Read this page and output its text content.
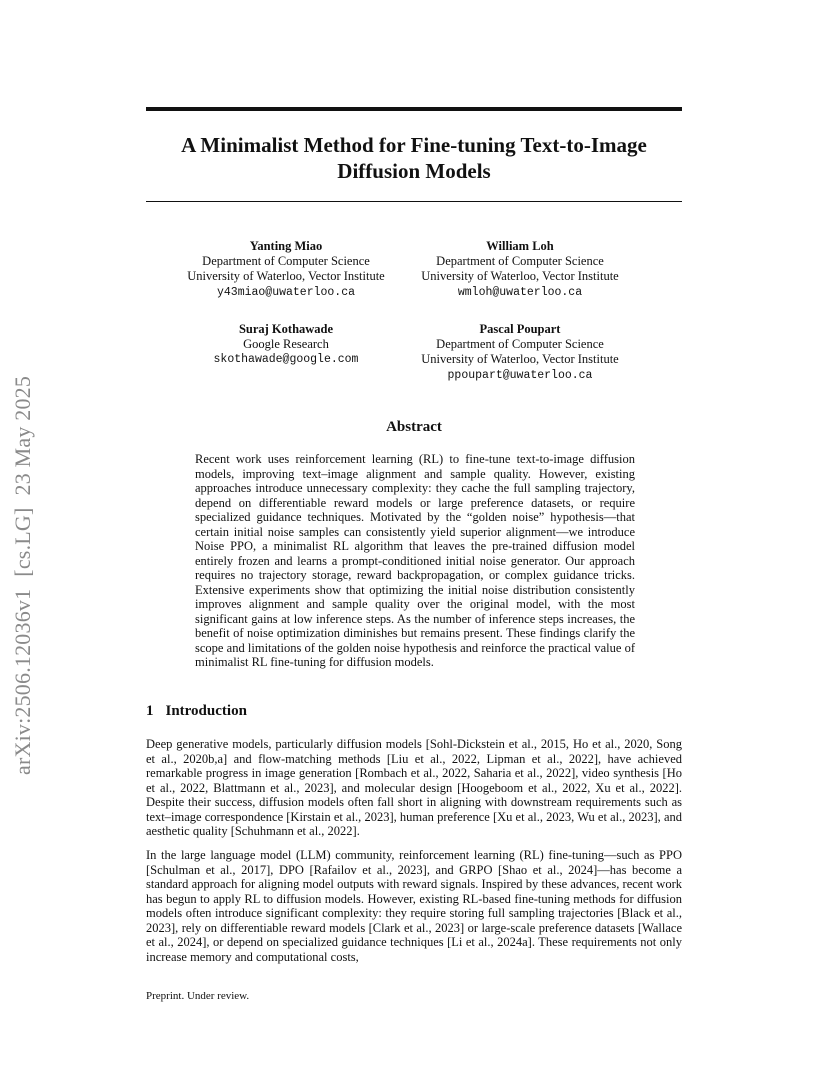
arXiv:2506.12036v1[cs.LG]23 May 2025
A Minimalist Method for Fine-tuning Text-to-Image
Diffusion Models
Yanting Miao
Department of Computer Science
University of Waterloo, Vector Institute
y43miao@uwaterloo.ca
William Loh
Department of Computer Science
University of Waterloo, Vector Institute
wmloh@uwaterloo.ca
Suraj Kothawade
Google Research
skothawade@google.com
Pascal Poupart
Department of Computer Science
University of Waterloo, Vector Institute
ppoupart@uwaterloo.ca
Abstract
Recent work uses reinforcement learning (RL) to fine-tune text-to-image diffusion models, improving text–image alignment and sample quality. However, existing approaches introduce unnecessary complexity: they cache the full sampling trajectory, depend on differentiable reward models or large preference datasets, or require specialized guidance techniques. Motivated by the “golden noise” hypothesis—that certain initial noise samples can consistently yield superior alignment—we introduce Noise PPO, a minimalist RL algorithm that leaves the pre-trained diffusion model entirely frozen and learns a prompt-conditioned initial noise generator. Our approach requires no trajectory storage, reward backpropagation, or complex guidance tricks. Extensive experiments show that optimizing the initial noise distribution consistently improves alignment and sample quality over the original model, with the most significant gains at low inference steps. As the number of inference steps increases, the benefit of noise optimization diminishes but remains present. These findings clarify the scope and limitations of the golden noise hypothesis and reinforce the practical value of minimalist RL fine-tuning for diffusion models.
1 Introduction
Deep generative models, particularly diffusion models [Sohl-Dickstein et al., 2015, Ho et al., 2020, Song et al., 2020b,a] and flow-matching methods [Liu et al., 2022, Lipman et al., 2022], have achieved remarkable progress in image generation [Rombach et al., 2022, Saharia et al., 2022], video synthesis [Ho et al., 2022, Blattmann et al., 2023], and molecular design [Hoogeboom et al., 2022, Xu et al., 2022]. Despite their success, diffusion models often fall short in aligning with downstream requirements such as text–image correspondence [Kirstain et al., 2023], human preference [Xu et al., 2023, Wu et al., 2023], and aesthetic quality [Schuhmann et al., 2022].
In the large language model (LLM) community, reinforcement learning (RL) fine-tuning—such as PPO [Schulman et al., 2017], DPO [Rafailov et al., 2023], and GRPO [Shao et al., 2024]—has become a standard approach for aligning model outputs with reward signals. Inspired by these advances, recent work has begun to apply RL to diffusion models. However, existing RL-based fine-tuning methods for diffusion models often introduce significant complexity: they require storing full sampling trajectories [Black et al., 2023], rely on differentiable reward models [Clark et al., 2023] or large-scale preference datasets [Wallace et al., 2024], or depend on specialized guidance techniques [Li et al., 2024a]. These requirements not only increase memory and computational costs,
Preprint. Under review.
